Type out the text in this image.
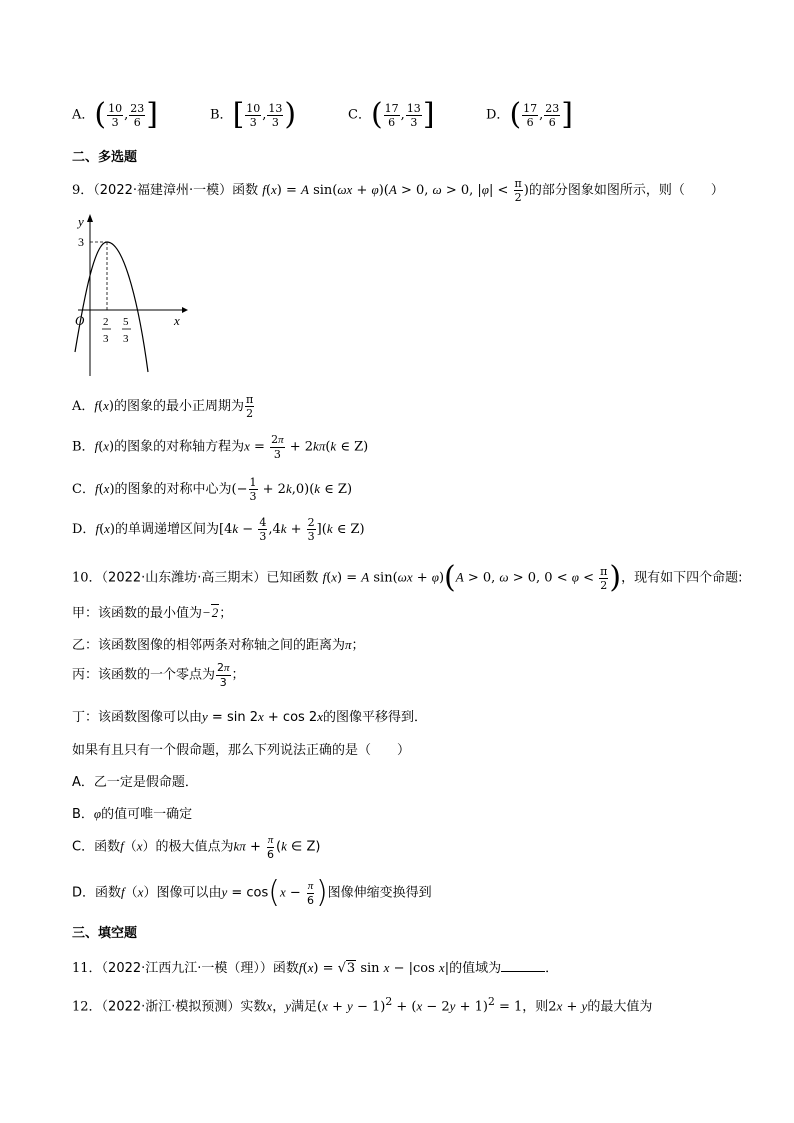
A．( $\frac{10}{3}$ , $\frac{23}{6}$ ]	B．[ $\frac{10}{3}$ , $\frac{13}{3}$ )	C．( $\frac{17}{6}$ , $\frac{13}{3}$ ]	D．( $\frac{17}{6}$ , $\frac{23}{6}$ ]
二、多选题
9．（2022·福建漳州·一模）函数 f(x) = A sin(ωx + φ)(A > 0, ω > 0, $|\varphi| < \frac{\pi}{2}$ )的部分图象如图所示，则（　　）
y
x
O
3
2
3
5
3
A．f(x)的图象的最小正周期为 $\frac{\pi}{2}$
B．f(x)的图象的对称轴方程为$x = \frac{2\pi}{3} + 2k\pi(k$ ∈ Z)
C．f(x)的图象的对称中心为(− $\frac{1}{3} + 2k,0)(k$ ∈ Z)
D．f(x)的单调递增区间为$[4k - \frac{4}{3} ,4k + \frac{2}{3} ](k$ ∈ Z)
10．（2022·山东潍坊·高三期末）已知函数 f(x) = A sin(ωx + φ)(A > 0, ω > 0, $0 < \varphi < \frac{\pi}{2}$ )，现有如下四个命题:
甲：该函数的最小值为−2；
乙：该函数图像的相邻两条对称轴之间的距离为π；
丙：该函数的一个零点为 $\frac{2\pi}{3}$ ；
丁：该函数图像可以由y = sin 2x + cos 2x的图像平移得到．
如果有且只有一个假命题，那么下列说法正确的是（　　）
A．乙一定是假命题．
B．φ的值可唯一确定
C．函数f（x）的极大值点为$k\pi + \frac{\pi}{6} (k$ ∈ Z)
D．函数f（x）图像可以由$y = \cos(x - \frac{\pi}{6}$ )图像伸缩变换得到
三、填空题
11．（2022·江西九江·一模（理））函数f(x) = √3 sin x − |cos x|的值域为	．
12．（2022·浙江·模拟预测）实数x，y满足$(x + y - 1)^2 + (x - 2y + 1)^2 = 1$，则2x + y的最大值为
